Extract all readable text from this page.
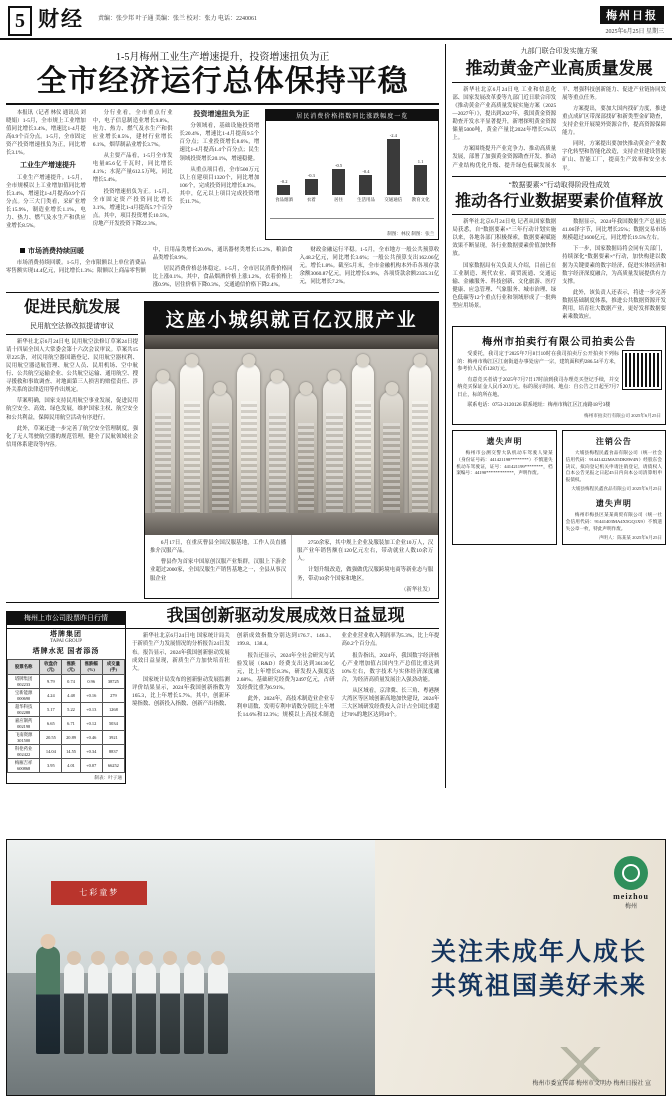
5 财经 责编：张少邦 叶子通 美编：张兰 校对：张力 电话：2240061	梅州日报
2025年6月25日 星期三
1-5月梅州工业生产增速提升，投资增速扭负为正
全市经济运行总体保持平稳
居民消费价格指数同比涨跌幅度一览
-0.2
食品烟酒
-0.3
衣着
-0.5
居住
-0.4
生活用品
-2.4
交通通信
1.1
教育文化
制图：林仪 制图：张兰

本报讯（记者 林仪 通讯员 刘晓娟）1-5月，全市规上工业增加值同比增长3.4%，增速比1-4月提高0.9个百分点。1-5月，全市固定资产投资增速扭负为正，同比增长3.1%。

工业生产增速提升

工业生产增速提升。1-5月，全市规模以上工业增加值同比增长3.4%，增速比1-4月提高0.9个百分点。分三大门类看，采矿业增长15.9%，制造业增长1.1%，电力、热力、燃气及水生产和供应业增长8.5%。

分行业看，全市重点行业中，电子信息制造业增长9.8%，电力、热力、燃气及水生产和供应业增长8.5%，建材行业增长6.1%，烟草制品业增长3.7%。

从主要产品看，1-5月全市发电量85.6亿千瓦时，同比增长4.1%；水泥产量612.5万吨，同比增长5.4%。

投资增速扭负为正。1-5月，全市固定资产投资同比增长3.1%，增速比1-4月提高5.7个百分点。其中，项目投资增长10.5%，房地产开发投资下降22.3%。

投资增速扭负为正

分领域看，基础设施投资增长20.4%，增速比1-4月提高9.5个百分点；工业投资增长8.6%，增速比1-4月提高1.4个百分点；民生领域投资增长20.1%，增速稳健。

从重点项目看，全市500万元以上在建项目1320个，同比增加106个，完成投资同比增长8.3%。其中，亿元以上项目完成投资增长11.7%。

市场消费持续回暖

市场消费持续回暖。1-5月，全市限额以上单位消费品零售额实现14.4亿元，同比增长1.3%；限额以上商品零售额中，日用品类增长20.6%，通讯器材类增长15.2%，粮油食品类增长8.9%。

居民消费价格总体稳定。1-5月，全市居民消费价格同比上涨0.1%。其中，食品烟酒价格上涨1.2%，衣着价格上涨0.9%，居住价格下降0.3%，交通通信价格下降2.4%。

财政金融运行平稳。1-5月，全市地方一般公共预算收入48.2亿元，同比增长3.6%；一般公共预算支出162.06亿元。增长1.8%。截至5月末，全市金融机构本外币各项存款余额3060.87亿元，同比增长6.9%，各项贷款余额2335.31亿元，同比增长7.2%。

促进民航发展
民用航空法修改拟提请审议

新华社北京6月24日电 民用航空法修订草案24日提请十四届全国人大常委会第十六次会议审议。草案共15章225条，对民用航空器国籍登记、民用航空器权利、民用航空器适航管理、航空人员、民用机场、空中航行、公共航空运输企业、公共航空运输、通用航空、搜寻援救和事故调查、对地面第三人损害的赔偿责任、涉外关系的法律适用等作出规定。

草案明确，国家支持民用航空事业发展，促进民用航空安全、高效、绿色发展，维护国家主权、航空安全和公共利益，保障民用航空活动有序进行。

此外，草案还进一步完善了航空安全管理制度，强化了无人驾驶航空器的规范管理，健全了民航领域社会信用体系建设等内容。

这座小城织就百亿汉服产业

6月17日，在重庆曹县全国汉服基地，工作人员直播推介汉服产品。

曹县作为首家中国原创汉服产业集群，汉服上下游企业超过2000家，全国汉服生产销售基地之一，全县从事汉服企业

2750余家，其中规上企业及服装加工企业10万人，汉服产业年销售额在120亿元左右，带动就业人数10余万人。

计划升级改造，做强做优汉服跨境电商等新业态与服务，带动10余个国家和地区。

（新华社发）
梅州上市公司股票昨日行情
塔牌集团
TAPAI GROUP
塔牌水泥 国者添汤
股票名称	收盘价(元)	涨跌(元)	涨跌幅(%)	成交量(手)
塔牌集团 002233	9.79	0.74	0.96	38725
宝新能源 000690	4.24	4.48	+0.16	279
超华科技 002288	5.17	5.22	+0.13	1268
嘉应制药 002198	6.65	6.71	+0.12	5034
飞南资源 301500	20.55	20.89	+0.46	3921
科伦药业 002422	14.04	14.55	+0.34	8837
梅雁吉祥 600868	3.95	4.01	+0.07	66252
制表：叶子通
我国创新驱动发展成效日益显现

新华社北京6月24日电 国家统计局关于新质生产力发展情况的分析报告24日发布。报告显示，2024年我国创新驱动发展成效日益显现，新质生产力加快培育壮大。

国家统计局发布的创新驱动发展监测评价结果显示，2024年我国创新指数为165.3，比上年增长5.7%。其中，创新环境指数、创新投入指数、创新产出指数、创新成效指数分别达到176.7、146.3、199.8、138.4。

报告还显示，2024年全社会研究与试验发展（R&D）经费支出达到36130亿元，比上年增长8.3%，研发投入强度达2.68%。基础研究经费为2497亿元，占研发经费比重为6.91%。

此外，2024年，高技术制造业企业专利申请数、发明专利申请数分别比上年增长14.6%和12.3%；规模以上高技术制造业企业营业收入利润率为5.3%，比上年提高0.2个百分点。

报告指出，2024年，我国数字经济核心产业增加值占国内生产总值比重达到10%左右，数字技术与实体经济深度融合，为经济高质量发展注入强劲动能。

从区域看，京津冀、长三角、粤港澳大湾区等区域创新高地加快建设，2024年三大区域研发经费投入合计占全国比重超过70%的地区达到10个。

九部门联合印发实施方案
推动黄金产业高质量发展

新华社北京6月24日电 工业和信息化部、国家发展改革委等九部门近日联合印发《推动黄金产业高质量发展实施方案（2025—2027年）》，提出到2027年，我国黄金资源勘查开发水平显著提升，新增探明黄金资源储量5000吨，黄金产量比2024年增长5%以上。

方案围绕提升产业竞争力、推动高质量发展，部署了加强黄金资源勘查开发、推动产业结构优化升级、提升绿色低碳发展水平、增强科技创新能力、促进产业链协同发展等重点任务。

方案提出，要加大国内找矿力度，推进重点成矿区带深部找矿和新类型金矿勘查，支持企业开展境外资源合作，提高资源保障能力。

同时，方案提出要加快推动黄金产业数字化转型和智能化改造，支持企业建设智能矿山、智能工厂，提高生产效率和安全水平。

“数据要素×”行动取得阶段性成效
推动各行业数据要素价值释放

新华社北京6月24日电 记者从国家数据局获悉，自“数据要素×”三年行动计划实施以来，各地各部门积极探索，数据要素赋能效果不断显现，各行业数据要素价值加快释放。

国家数据局有关负责人介绍，目前已在工业制造、现代农业、商贸流通、交通运输、金融服务、科技创新、文化旅游、医疗健康、应急管理、气象服务、城市治理、绿色低碳等12个重点行业和领域形成了一批典型应用场景。

数据显示，2024年我国数据生产总量达41.06泽字节，同比增长25%；数据交易市场规模超过1600亿元，同比增长19.5%左右。

下一步，国家数据局将会同有关部门，持续深化“数据要素×”行动，加快构建以数据为关键要素的数字经济，促进实体经济和数字经济深度融合，为高质量发展提供有力支撑。

此外，该负责人还表示，将进一步完善数据基础制度体系，推进公共数据资源开发利用，培育壮大数据产业，更好发挥数据要素乘数效应。

梅州市拍卖行有限公司拍卖公告

受委托，我司定于2025年7月8日10时在我司拍卖厅公开拍卖下列标的：梅州市梅江区江南街道办事处房产一宗，建筑面积约286.54平方米，参考价人民币128万元。

有意竞买者请于2025年7月7日17时前到我司办理竞买登记手续，并交纳竞买保证金人民币20万元。标的展示时间、地点：自公告之日起至7月7日止，标的所在地。

联系电话：0753-2120126 联系地址：梅州市梅江区江南路18号3楼

梅州市拍卖行有限公司 2025年6月25日
遗失声明

梅州市公测交警大队机动车驾驶人梁某（身份证号码：441421198********）不慎遗失机动车驾驶证，证号：441421199********，档案编号：44190************，声明作废。

注销公告

大埔县梅程民鑫食品有限公司（统一社会信用代码：91441422MA55DK8W4N）经股东会决议，拟向登记机关申请注销登记，请债权人自本公告见报之日起45日内向本公司清算组申报债权。

大埔县梅程民鑫食品有限公司 2025年6月25日
遗失声明

梅州市梅县区某某商贸有限公司（统一社会信用代码：91441403MA4X5GQ1X9）不慎遗失公章一枚，特此声明作废。

声明人：陈某某 2025年6月25日
七彩童梦	meizhou
梅州
关注未成年人成长
共筑祖国美好未来
梅州市委宣传部 梅州市文明办 梅州日报社 宣
